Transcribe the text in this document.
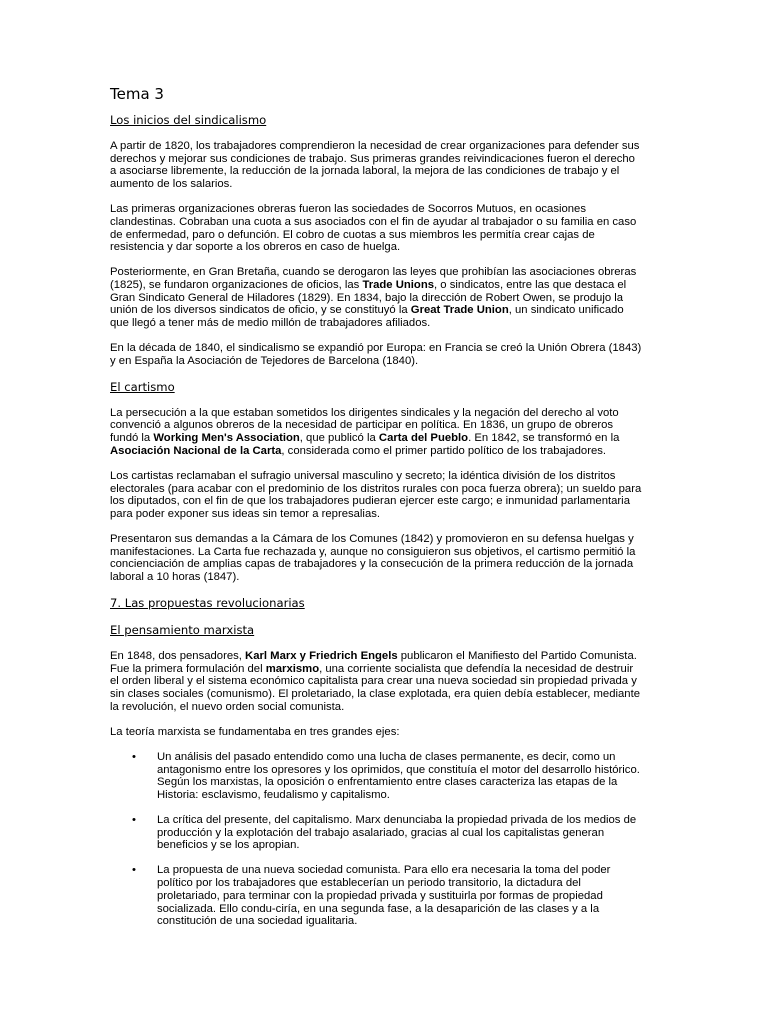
Tema 3
Los inicios del sindicalismo
A partir de 1820, los trabajadores comprendieron la necesidad de crear organizaciones para defender sus
derechos y mejorar sus condiciones de trabajo. Sus primeras grandes reivindicaciones fueron el derecho
a asociarse libremente, la reducción de la jornada laboral, la mejora de las condiciones de trabajo y el
aumento de los salarios.
Las primeras organizaciones obreras fueron las sociedades de Socorros Mutuos, en ocasiones
clandestinas. Cobraban una cuota a sus asociados con el fin de ayudar al trabajador o su familia en caso
de enfermedad, paro o defunción. El cobro de cuotas a sus miembros les permitía crear cajas de
resistencia y dar soporte a los obreros en caso de huelga.
Posteriormente, en Gran Bretaña, cuando se derogaron las leyes que prohibían las asociaciones obreras
(1825), se fundaron organizaciones de oficios, las Trade Unions, o sindicatos, entre las que destaca el
Gran Sindicato General de Hiladores (1829). En 1834, bajo la dirección de Robert Owen, se produjo la
unión de los diversos sindicatos de oficio, y se constituyó la Great Trade Union, un sindicato unificado
que llegó a tener más de medio millón de trabajadores afiliados.
En la década de 1840, el sindicalismo se expandió por Europa: en Francia se creó la Unión Obrera (1843)
y en España la Asociación de Tejedores de Barcelona (1840).
El cartismo
La persecución a la que estaban sometidos los dirigentes sindicales y la negación del derecho al voto
convenció a algunos obreros de la necesidad de participar en política. En 1836, un grupo de obreros
fundó la Working Men's Association, que publicó la Carta del Pueblo. En 1842, se transformó en la
Asociación Nacional de la Carta, considerada como el primer partido político de los trabajadores.
Los cartistas reclamaban el sufragio universal masculino y secreto; la idéntica división de los distritos
electorales (para acabar con el predominio de los distritos rurales con poca fuerza obrera); un sueldo para
los diputados, con el fin de que los trabajadores pudieran ejercer este cargo; e inmunidad parlamentaria
para poder exponer sus ideas sin temor a represalias.
Presentaron sus demandas a la Cámara de los Comunes (1842) y promovieron en su defensa huelgas y
manifestaciones. La Carta fue rechazada y, aunque no consiguieron sus objetivos, el cartismo permitió la
concienciación de amplias capas de trabajadores y la consecución de la primera reducción de la jornada
laboral a 10 horas (1847).
7. Las propuestas revolucionarias
El pensamiento marxista
En 1848, dos pensadores, Karl Marx y Friedrich Engels publicaron el Manifiesto del Partido Comunista.
Fue la primera formulación del marxismo, una corriente socialista que defendía la necesidad de destruir
el orden liberal y el sistema económico capitalista para crear una nueva sociedad sin propiedad privada y
sin clases sociales (comunismo). El proletariado, la clase explotada, era quien debía establecer, mediante
la revolución, el nuevo orden social comunista.
La teoría marxista se fundamentaba en tres grandes ejes:
• Un análisis del pasado entendido como una lucha de clases permanente, es decir, como un
antagonismo entre los opresores y los oprimidos, que constituía el motor del desarrollo histórico.
Según los marxistas, la oposición o enfrentamiento entre clases caracteriza las etapas de la
Historia: esclavismo, feudalismo y capitalismo.
• La crítica del presente, del capitalismo. Marx denunciaba la propiedad privada de los medios de
producción y la explotación del trabajo asalariado, gracias al cual los capitalistas generan
beneficios y se los apropian.
• La propuesta de una nueva sociedad comunista. Para ello era necesaria la toma del poder
político por los trabajadores que establecerían un periodo transitorio, la dictadura del
proletariado, para terminar con la propiedad privada y sustituirla por formas de propiedad
socializada. Ello condu-ciría, en una segunda fase, a la desaparición de las clases y a la
constitución de una sociedad igualitaria.
